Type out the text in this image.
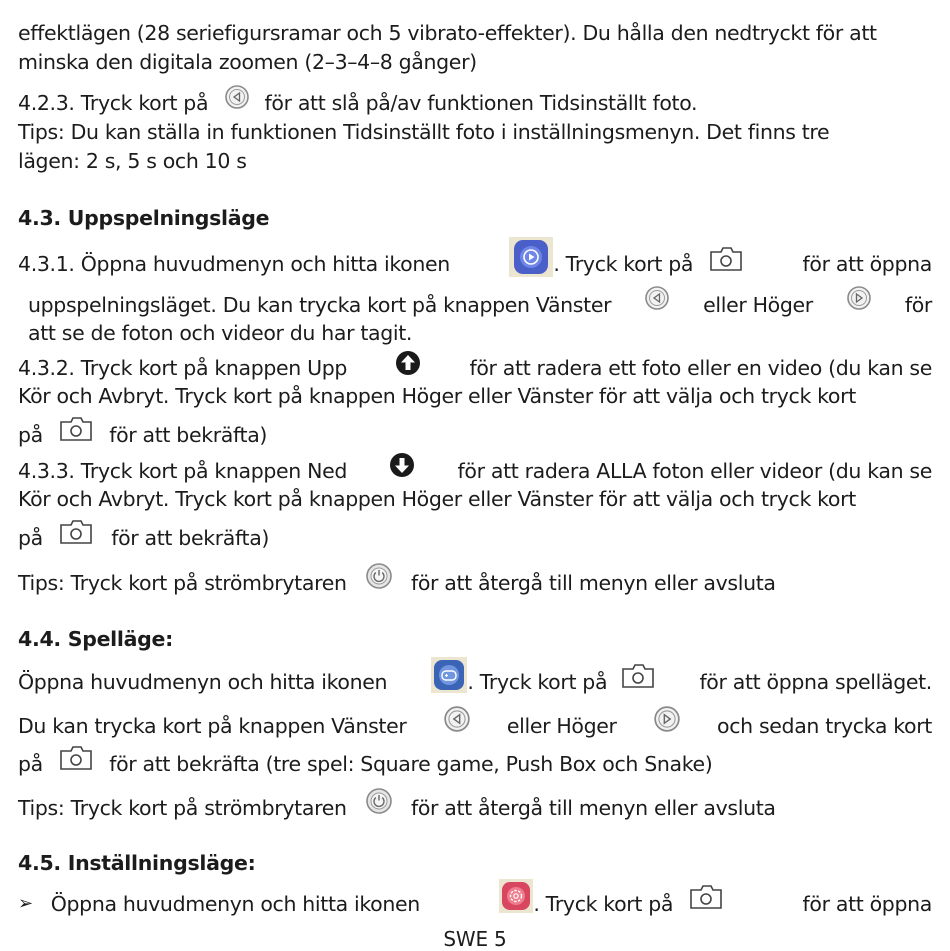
effektlägen (28 seriefigursramar och 5 vibrato-effekter). Du hålla den nedtryckt för att
minska den digitala zoomen (2–3–4–8 gånger)
4.2.3. Tryck kort på	för att slå på/av funktionen Tidsinställt foto.
Tips: Du kan ställa in funktionen Tidsinställt foto i inställningsmenyn. Det finns tre
lägen: 2 s, 5 s och 10 s
4.3. Uppspelningsläge
4.3.1. Öppna huvudmenyn och hitta ikonen	. Tryck kort på	för att öppna
uppspelningsläget. Du kan trycka kort på knappen Vänster	eller Höger	för
att se de foton och videor du har tagit.
4.3.2. Tryck kort på knappen Upp	för att radera ett foto eller en video (du kan se
Kör och Avbryt. Tryck kort på knappen Höger eller Vänster för att välja och tryck kort
på	för att bekräfta)
4.3.3. Tryck kort på knappen Ned	för att radera ALLA foton eller videor (du kan se
Kör och Avbryt. Tryck kort på knappen Höger eller Vänster för att välja och tryck kort
på	för att bekräfta)
Tips: Tryck kort på strömbrytaren	för att återgå till menyn eller avsluta
4.4. Spelläge:
Öppna huvudmenyn och hitta ikonen	. Tryck kort på	för att öppna spelläget.
Du kan trycka kort på knappen Vänster	eller Höger	och sedan trycka kort
på	för att bekräfta (tre spel: Square game, Push Box och Snake)
Tips: Tryck kort på strömbrytaren	för att återgå till menyn eller avsluta
4.5. Inställningsläge:
➢ Öppna huvudmenyn och hitta ikonen	. Tryck kort på	för att öppna
SWE 5
